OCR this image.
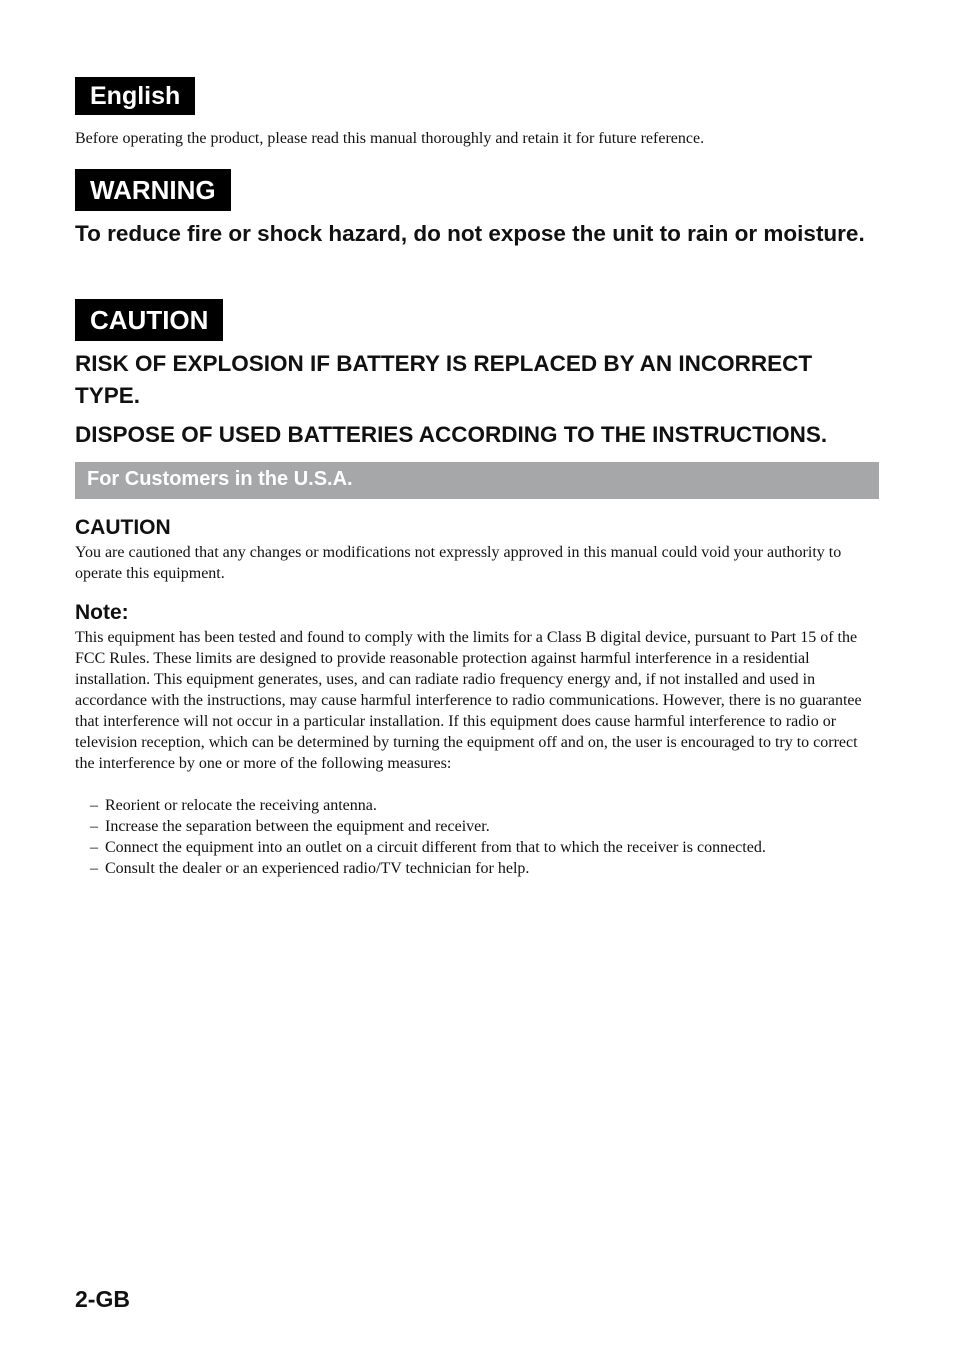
English

Before operating the product, please read this manual thoroughly and retain it for future reference.

WARNING

To reduce fire or shock hazard, do not expose the unit to rain or moisture.

CAUTION

RISK OF EXPLOSION IF BATTERY IS REPLACED BY AN INCORRECT TYPE.

DISPOSE OF USED BATTERIES ACCORDING TO THE INSTRUCTIONS.

For Customers in the U.S.A.
CAUTION

You are cautioned that any changes or modifications not expressly approved in this manual could void your authority to operate this equipment.

Note:

This equipment has been tested and found to comply with the limits for a Class B digital device, pursuant to Part 15 of the FCC Rules. These limits are designed to provide reasonable protection against harmful interference in a residential installation. This equipment generates, uses, and can radiate radio frequency energy and, if not installed and used in accordance with the instructions, may cause harmful interference to radio communications. However, there is no guarantee that interference will not occur in a particular installation. If this equipment does cause harmful interference to radio or television reception, which can be determined by turning the equipment off and on, the user is encouraged to try to correct the interference by one or more of the following measures:

– Reorient or relocate the receiving antenna.
– Increase the separation between the equipment and receiver.
– Connect the equipment into an outlet on a circuit different from that to which the receiver is connected.
– Consult the dealer or an experienced radio/TV technician for help.
2-GB
